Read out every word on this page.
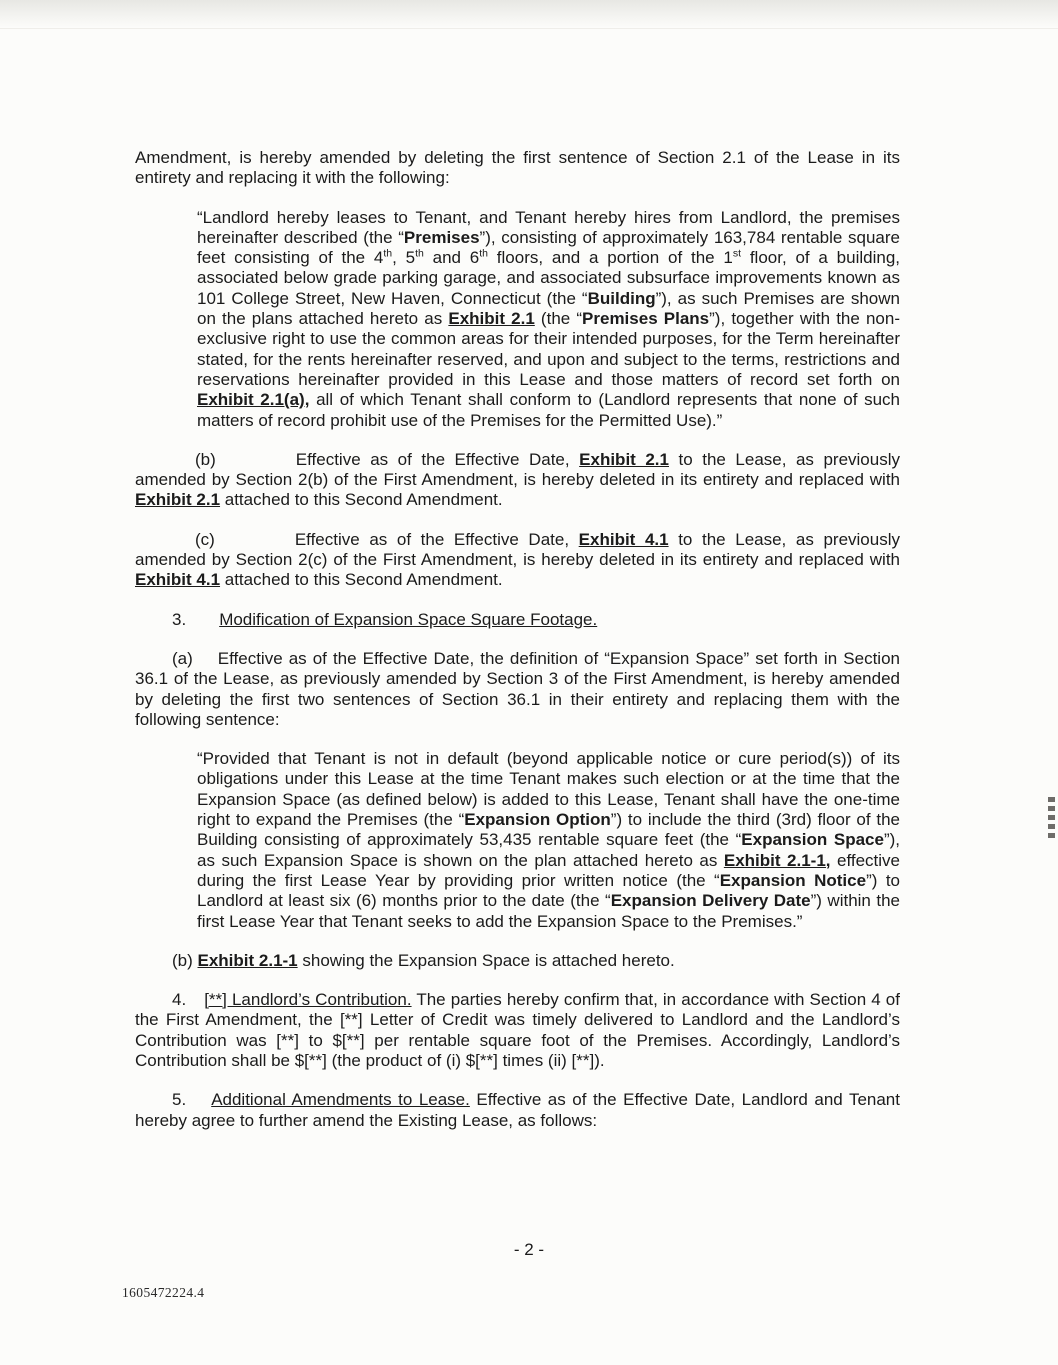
Amendment, is hereby amended by deleting the first sentence of Section 2.1 of the Lease in its entirety and replacing it with the following:
“Landlord hereby leases to Tenant, and Tenant hereby hires from Landlord, the premises hereinafter described (the “Premises”), consisting of approximately 163,784 rentable square feet consisting of the 4th, 5th and 6th floors, and a portion of the 1st floor, of a building, associated below grade parking garage, and associated subsurface improvements known as 101 College Street, New Haven, Connecticut (the “Building”), as such Premises are shown on the plans attached hereto as Exhibit 2.1 (the “Premises Plans”), together with the non-exclusive right to use the common areas for their intended purposes, for the Term hereinafter stated, for the rents hereinafter reserved, and upon and subject to the terms, restrictions and reservations hereinafter provided in this Lease and those matters of record set forth on Exhibit 2.1(a), all of which Tenant shall conform to (Landlord represents that none of such matters of record prohibit use of the Premises for the Permitted Use).”
(b)	Effective as of the Effective Date, Exhibit 2.1 to the Lease, as previously amended by Section 2(b) of the First Amendment, is hereby deleted in its entirety and replaced with Exhibit 2.1 attached to this Second Amendment.
(c)	Effective as of the Effective Date, Exhibit 4.1 to the Lease, as previously amended by Section 2(c) of the First Amendment, is hereby deleted in its entirety and replaced with Exhibit 4.1 attached to this Second Amendment.
3. Modification of Expansion Space Square Footage.
(a) Effective as of the Effective Date, the definition of “Expansion Space” set forth in Section 36.1 of the Lease, as previously amended by Section 3 of the First Amendment, is hereby amended by deleting the first two sentences of Section 36.1 in their entirety and replacing them with the following sentence:
“Provided that Tenant is not in default (beyond applicable notice or cure period(s)) of its obligations under this Lease at the time Tenant makes such election or at the time that the Expansion Space (as defined below) is added to this Lease, Tenant shall have the one-time right to expand the Premises (the “Expansion Option”) to include the third (3rd) floor of the Building consisting of approximately 53,435 rentable square feet (the “Expansion Space”), as such Expansion Space is shown on the plan attached hereto as Exhibit 2.1-1, effective during the first Lease Year by providing prior written notice (the “Expansion Notice”) to Landlord at least six (6) months prior to the date (the “Expansion Delivery Date”) within the first Lease Year that Tenant seeks to add the Expansion Space to the Premises.”
(b) Exhibit 2.1-1 showing the Expansion Space is attached hereto.
4. [**] Landlord’s Contribution. The parties hereby confirm that, in accordance with Section 4 of the First Amendment, the [**] Letter of Credit was timely delivered to Landlord and the Landlord’s Contribution was [**] to $[**] per rentable square foot of the Premises. Accordingly, Landlord’s Contribution shall be $[**] (the product of (i) $[**] times (ii) [**]).
5. Additional Amendments to Lease. Effective as of the Effective Date, Landlord and Tenant hereby agree to further amend the Existing Lease, as follows:
- 2 -
1605472224.4
